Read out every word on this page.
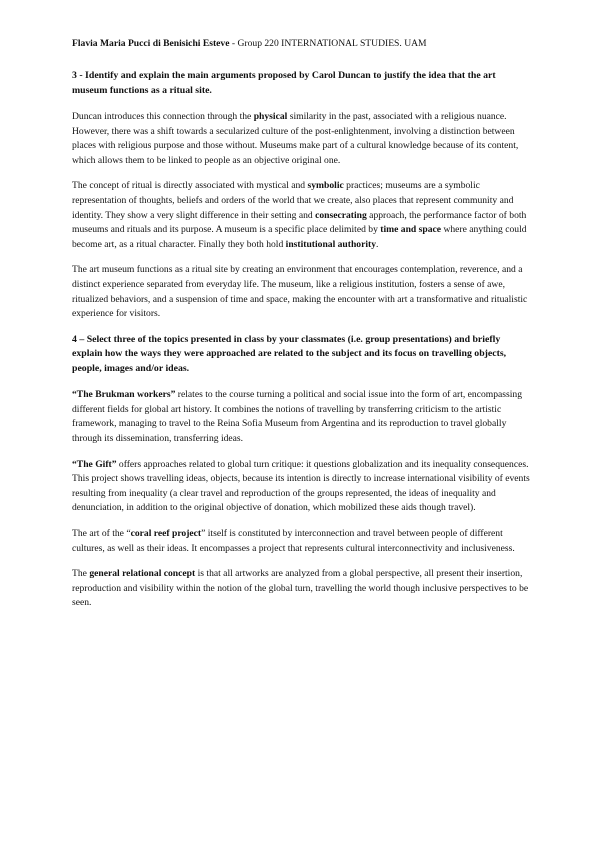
Flavia Maria Pucci di Benisichi Esteve - Group 220 INTERNATIONAL STUDIES. UAM
3 - Identify and explain the main arguments proposed by Carol Duncan to justify the idea that the art museum functions as a ritual site.
Duncan introduces this connection through the physical similarity in the past, associated with a religious nuance. However, there was a shift towards a secularized culture of the post-enlightenment, involving a distinction between places with religious purpose and those without. Museums make part of a cultural knowledge because of its content, which allows them to be linked to people as an objective original one.
The concept of ritual is directly associated with mystical and symbolic practices; museums are a symbolic representation of thoughts, beliefs and orders of the world that we create, also places that represent community and identity. They show a very slight difference in their setting and consecrating approach, the performance factor of both museums and rituals and its purpose. A museum is a specific place delimited by time and space where anything could become art, as a ritual character. Finally they both hold institutional authority.
The art museum functions as a ritual site by creating an environment that encourages contemplation, reverence, and a distinct experience separated from everyday life. The museum, like a religious institution, fosters a sense of awe, ritualized behaviors, and a suspension of time and space, making the encounter with art a transformative and ritualistic experience for visitors.
4 – Select three of the topics presented in class by your classmates (i.e. group presentations) and briefly explain how the ways they were approached are related to the subject and its focus on travelling objects, people, images and/or ideas.
“The Brukman workers” relates to the course turning a political and social issue into the form of art, encompassing different fields for global art history. It combines the notions of travelling by transferring criticism to the artistic framework, managing to travel to the Reina Sofia Museum from Argentina and its reproduction to travel globally through its dissemination, transferring ideas.
“The Gift” offers approaches related to global turn critique: it questions globalization and its inequality consequences. This project shows travelling ideas, objects, because its intention is directly to increase international visibility of events resulting from inequality (a clear travel and reproduction of the groups represented, the ideas of inequality and denunciation, in addition to the original objective of donation, which mobilized these aids though travel).
The art of the “coral reef project” itself is constituted by interconnection and travel between people of different cultures, as well as their ideas. It encompasses a project that represents cultural interconnectivity and inclusiveness.
The general relational concept is that all artworks are analyzed from a global perspective, all present their insertion, reproduction and visibility within the notion of the global turn, travelling the world though inclusive perspectives to be seen.
